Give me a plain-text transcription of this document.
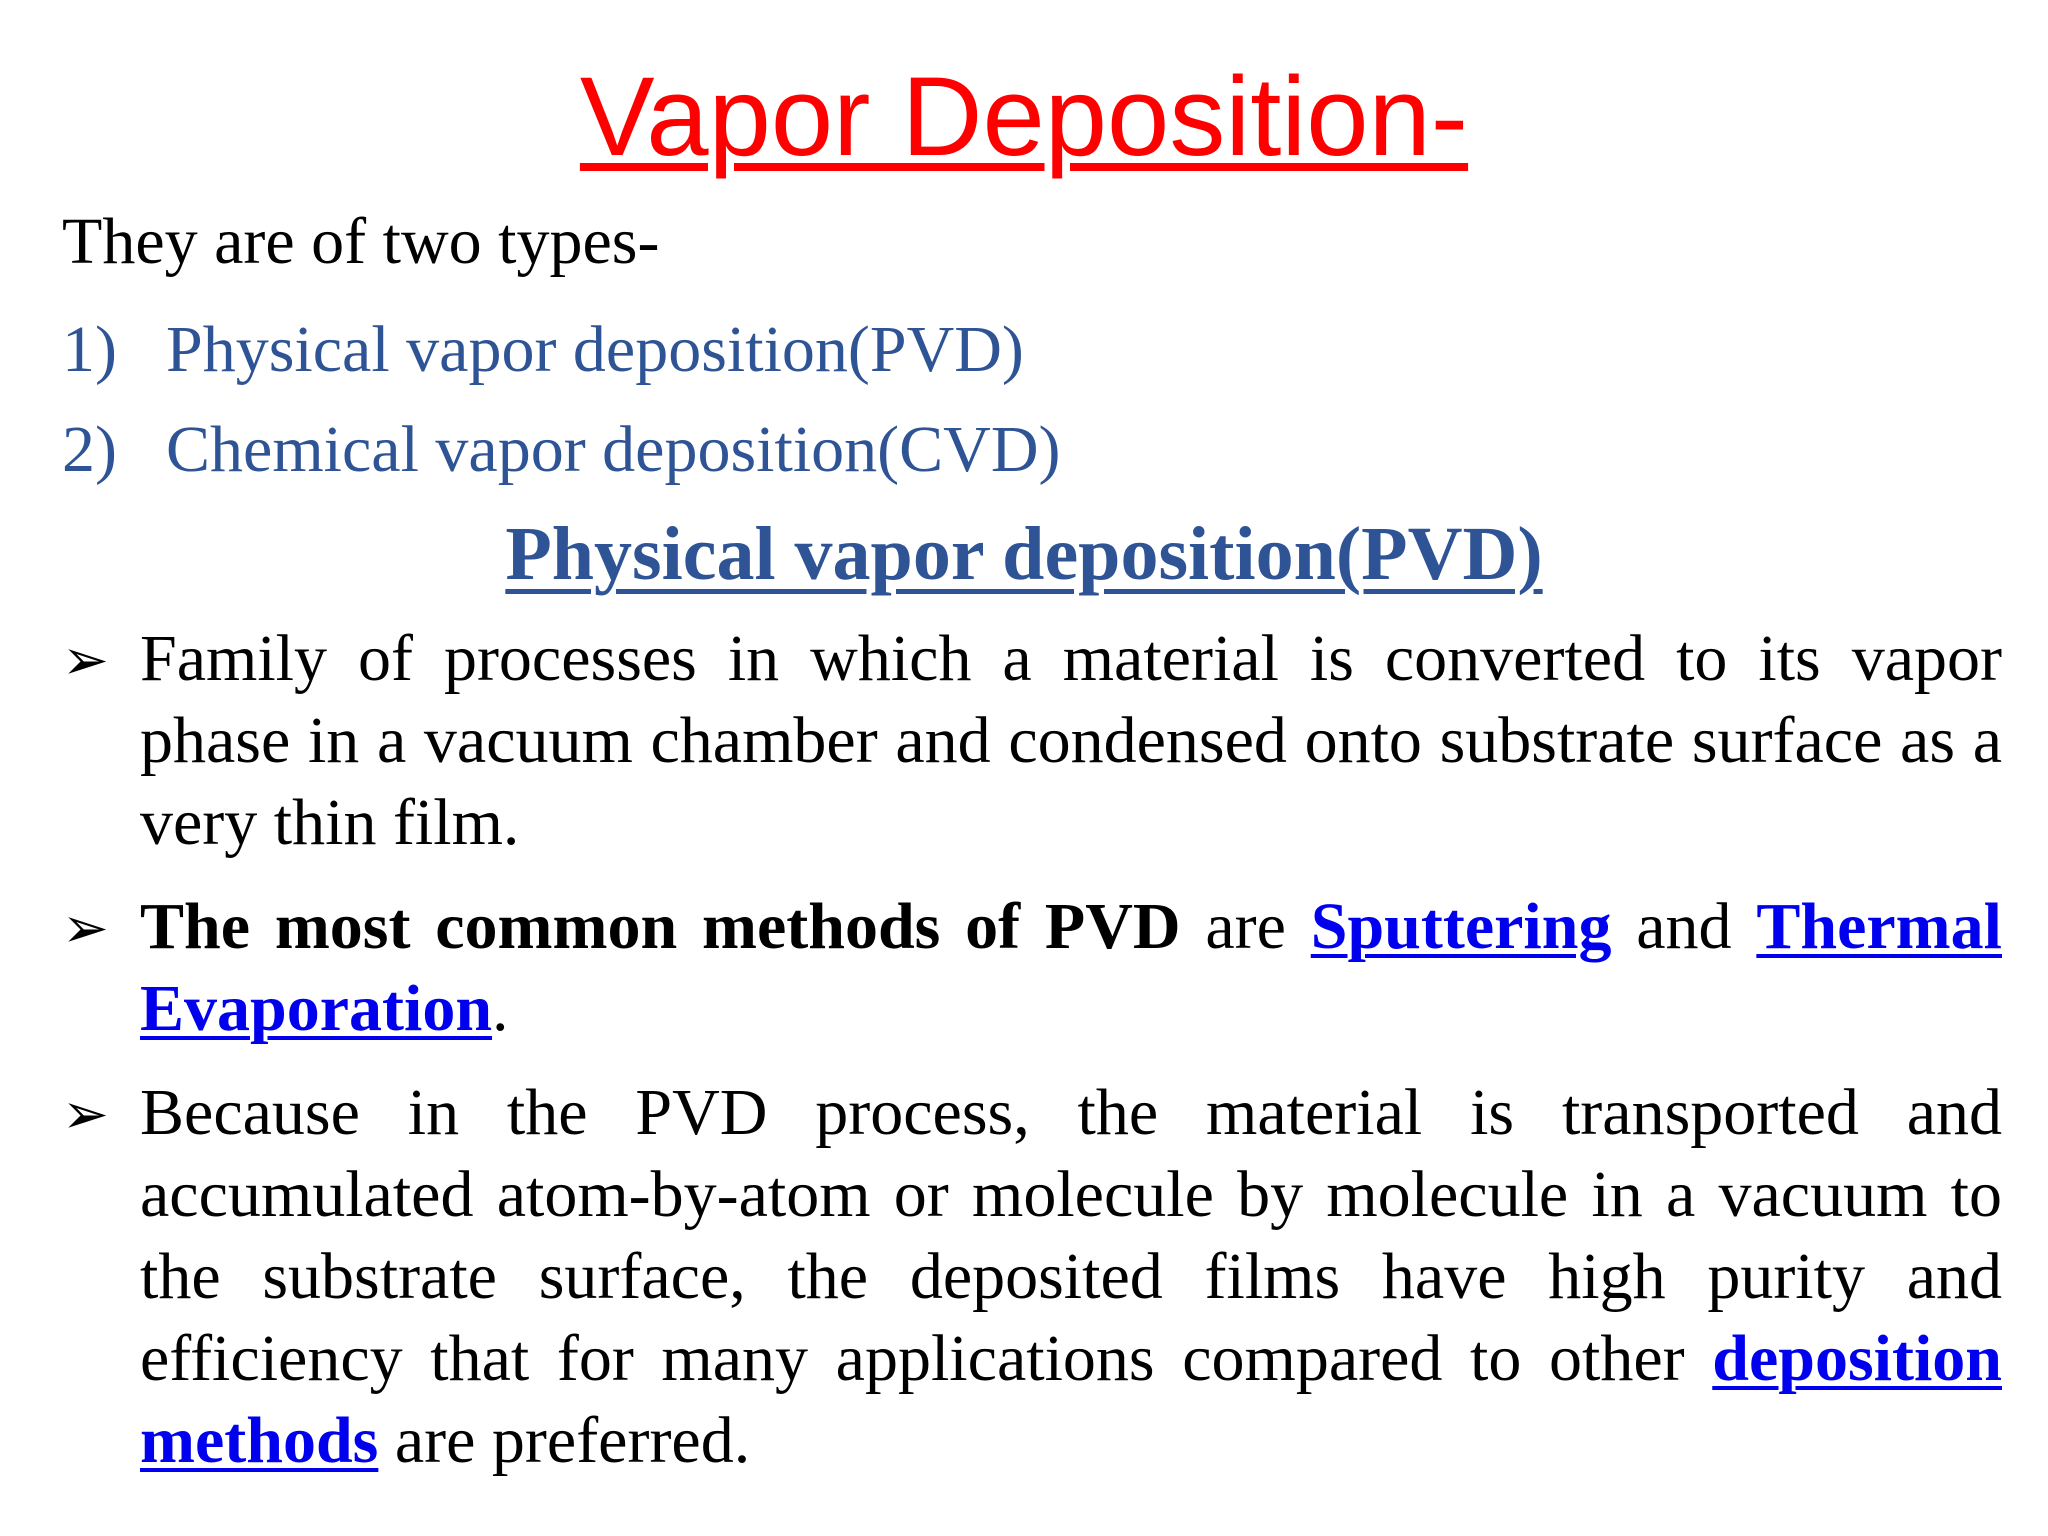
Vapor Deposition-
They are of two types-
1) Physical vapor deposition(PVD)
2) Chemical vapor deposition(CVD)
Physical vapor deposition(PVD)
➢ Family of processes in which a material is converted to its vapor phase in a vacuum chamber and condensed onto substrate surface as a very thin film.
➢ The most common methods of PVD are Sputtering and Thermal Evaporation.
➢ Because in the PVD process, the material is transported and accumulated atom-by-atom or molecule by molecule in a vacuum to the substrate surface, the deposited films have high purity and efficiency that for many applications compared to other deposition methods are preferred.
